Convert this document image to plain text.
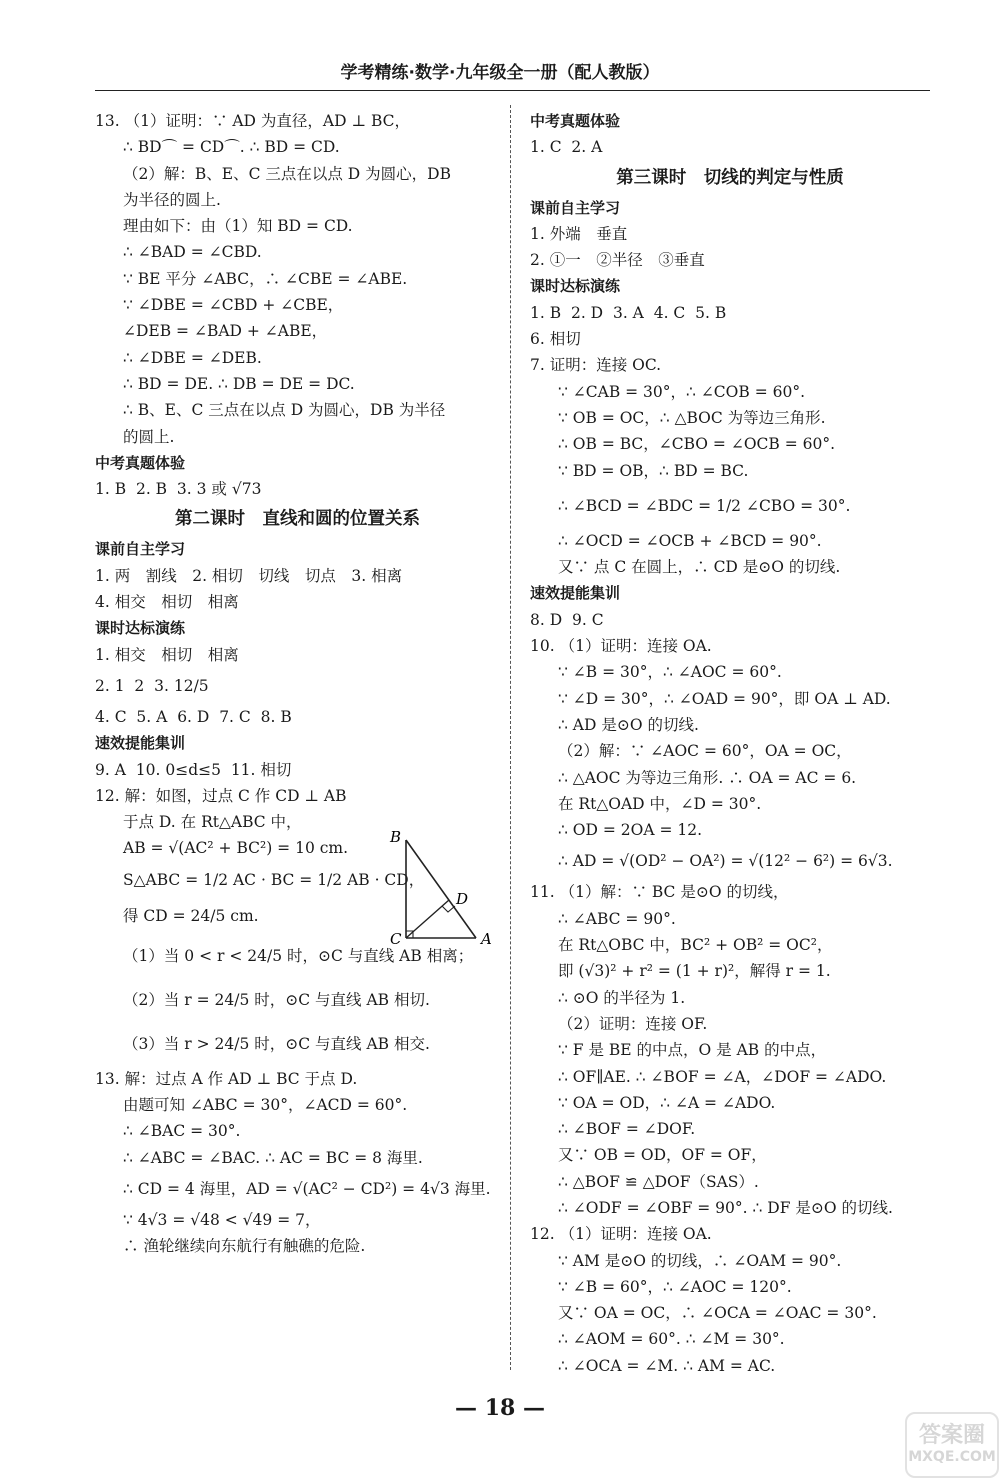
学考精练·数学·九年级全一册（配人教版）
13. （1）证明：∵ AD 为直径，AD ⊥ BC，
∴ BD⌒ = CD⌒. ∴ BD = CD.
（2）解：B、E、C 三点在以点 D 为圆心，DB
为半径的圆上.
理由如下：由（1）知 BD = CD.
∴ ∠BAD = ∠CBD.
∵ BE 平分 ∠ABC，∴ ∠CBE = ∠ABE.
∵ ∠DBE = ∠CBD + ∠CBE，
∠DEB = ∠BAD + ∠ABE，
∴ ∠DBE = ∠DEB.
∴ BD = DE. ∴ DB = DE = DC.
∴ B、E、C 三点在以点 D 为圆心，DB 为半径
的圆上.
中考真题体验
1. B  2. B  3. 3 或 √73
第二课时　直线和圆的位置关系
课前自主学习
1. 两　割线　2. 相切　切线　切点　3. 相离
4. 相交　相切　相离
课时达标演练
1. 相交　相切　相离
2. 1  2  3. 12/5
4. C  5. A  6. D  7. C  8. B
速效提能集训
9. A  10. 0≤d≤5  11. 相切
12. 解：如图，过点 C 作 CD ⊥ AB
于点 D. 在 Rt△ABC 中，
AB = √(AC² + BC²) = 10 cm.
S△ABC = 1/2 AC · BC = 1/2 AB · CD，
得 CD = 24/5 cm.
（1）当 0 < r < 24/5 时，⊙C 与直线 AB 相离；
（2）当 r = 24/5 时，⊙C 与直线 AB 相切.
（3）当 r > 24/5 时，⊙C 与直线 AB 相交.
13. 解：过点 A 作 AD ⊥ BC 于点 D.
由题可知 ∠ABC = 30°，∠ACD = 60°.
∴ ∠BAC = 30°.
∴ ∠ABC = ∠BAC. ∴ AC = BC = 8 海里.
∴ CD = 4 海里，AD = √(AC² − CD²) = 4√3 海里.
∵ 4√3 = √48 < √49 = 7，
∴ 渔轮继续向东航行有触礁的危险.
B
D
C	A
中考真题体验
1. C  2. A
第三课时　切线的判定与性质
课前自主学习
1. 外端　垂直
2. ①一　②半径　③垂直
课时达标演练
1. B  2. D  3. A  4. C  5. B
6. 相切
7. 证明：连接 OC.
∵ ∠CAB = 30°，∴ ∠COB = 60°.
∵ OB = OC，∴ △BOC 为等边三角形.
∴ OB = BC，∠CBO = ∠OCB = 60°.
∵ BD = OB，∴ BD = BC.
∴ ∠BCD = ∠BDC = 1/2 ∠CBO = 30°.
∴ ∠OCD = ∠OCB + ∠BCD = 90°.
又∵ 点 C 在圆上，∴ CD 是⊙O 的切线.
速效提能集训
8. D  9. C
10. （1）证明：连接 OA.
∵ ∠B = 30°，∴ ∠AOC = 60°.
∵ ∠D = 30°，∴ ∠OAD = 90°，即 OA ⊥ AD.
∴ AD 是⊙O 的切线.
（2）解：∵ ∠AOC = 60°，OA = OC，
∴ △AOC 为等边三角形. ∴ OA = AC = 6.
在 Rt△OAD 中，∠D = 30°.
∴ OD = 2OA = 12.
∴ AD = √(OD² − OA²) = √(12² − 6²) = 6√3.
11. （1）解：∵ BC 是⊙O 的切线，
∴ ∠ABC = 90°.
在 Rt△OBC 中，BC² + OB² = OC²，
即 (√3)² + r² = (1 + r)²，解得 r = 1.
∴ ⊙O 的半径为 1.
（2）证明：连接 OF.
∵ F 是 BE 的中点，O 是 AB 的中点，
∴ OF∥AE. ∴ ∠BOF = ∠A，∠DOF = ∠ADO.
∵ OA = OD，∴ ∠A = ∠ADO.
∴ ∠BOF = ∠DOF.
又∵ OB = OD，OF = OF，
∴ △BOF ≌ △DOF（SAS）.
∴ ∠ODF = ∠OBF = 90°. ∴ DF 是⊙O 的切线.
12. （1）证明：连接 OA.
∵ AM 是⊙O 的切线，∴ ∠OAM = 90°.
∵ ∠B = 60°，∴ ∠AOC = 120°.
又∵ OA = OC，∴ ∠OCA = ∠OAC = 30°.
∴ ∠AOM = 60°. ∴ ∠M = 30°.
∴ ∠OCA = ∠M. ∴ AM = AC.
— 18 —
答案圈
MXQE.COM
